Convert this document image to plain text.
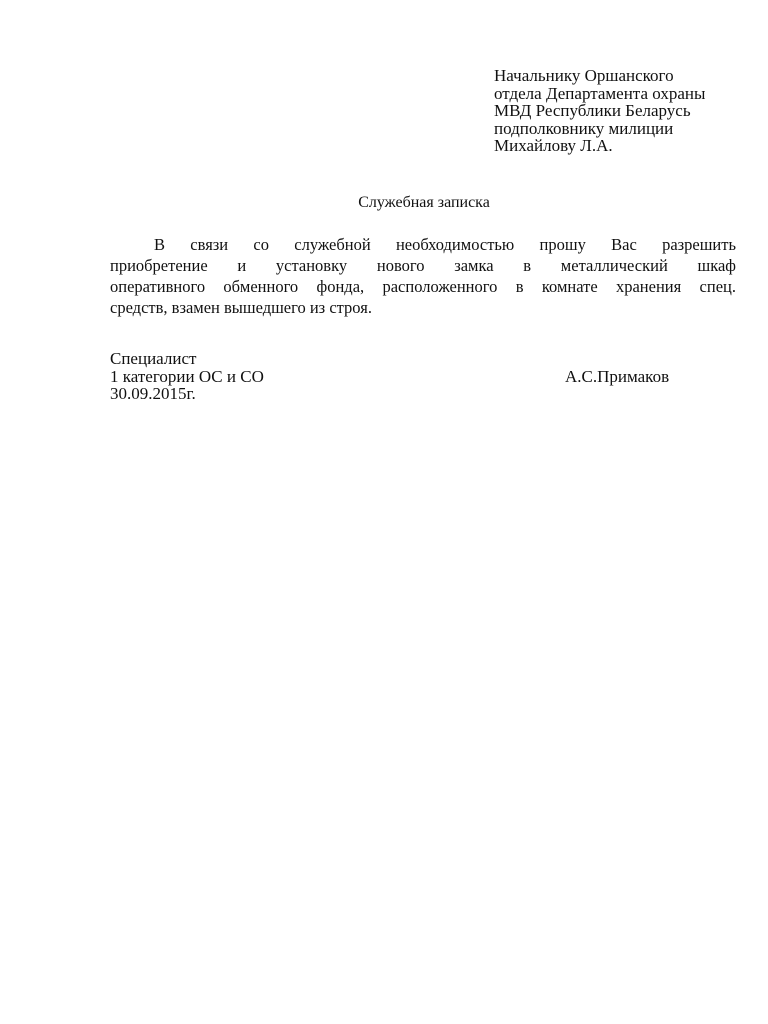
Начальнику Оршанского
отдела Департамента охраны
МВД Республики Беларусь
подполковнику милиции
Михайлову Л.А.
Служебная записка
В связи со служебной необходимостью прошу Вас разрешить
приобретение и установку нового замка в металлический шкаф
оперативного обменного фонда, расположенного в комнате хранения спец.
средств, взамен вышедшего из строя.
Специалист
1 категории ОС и СО	А.С.Примаков
30.09.2015г.
